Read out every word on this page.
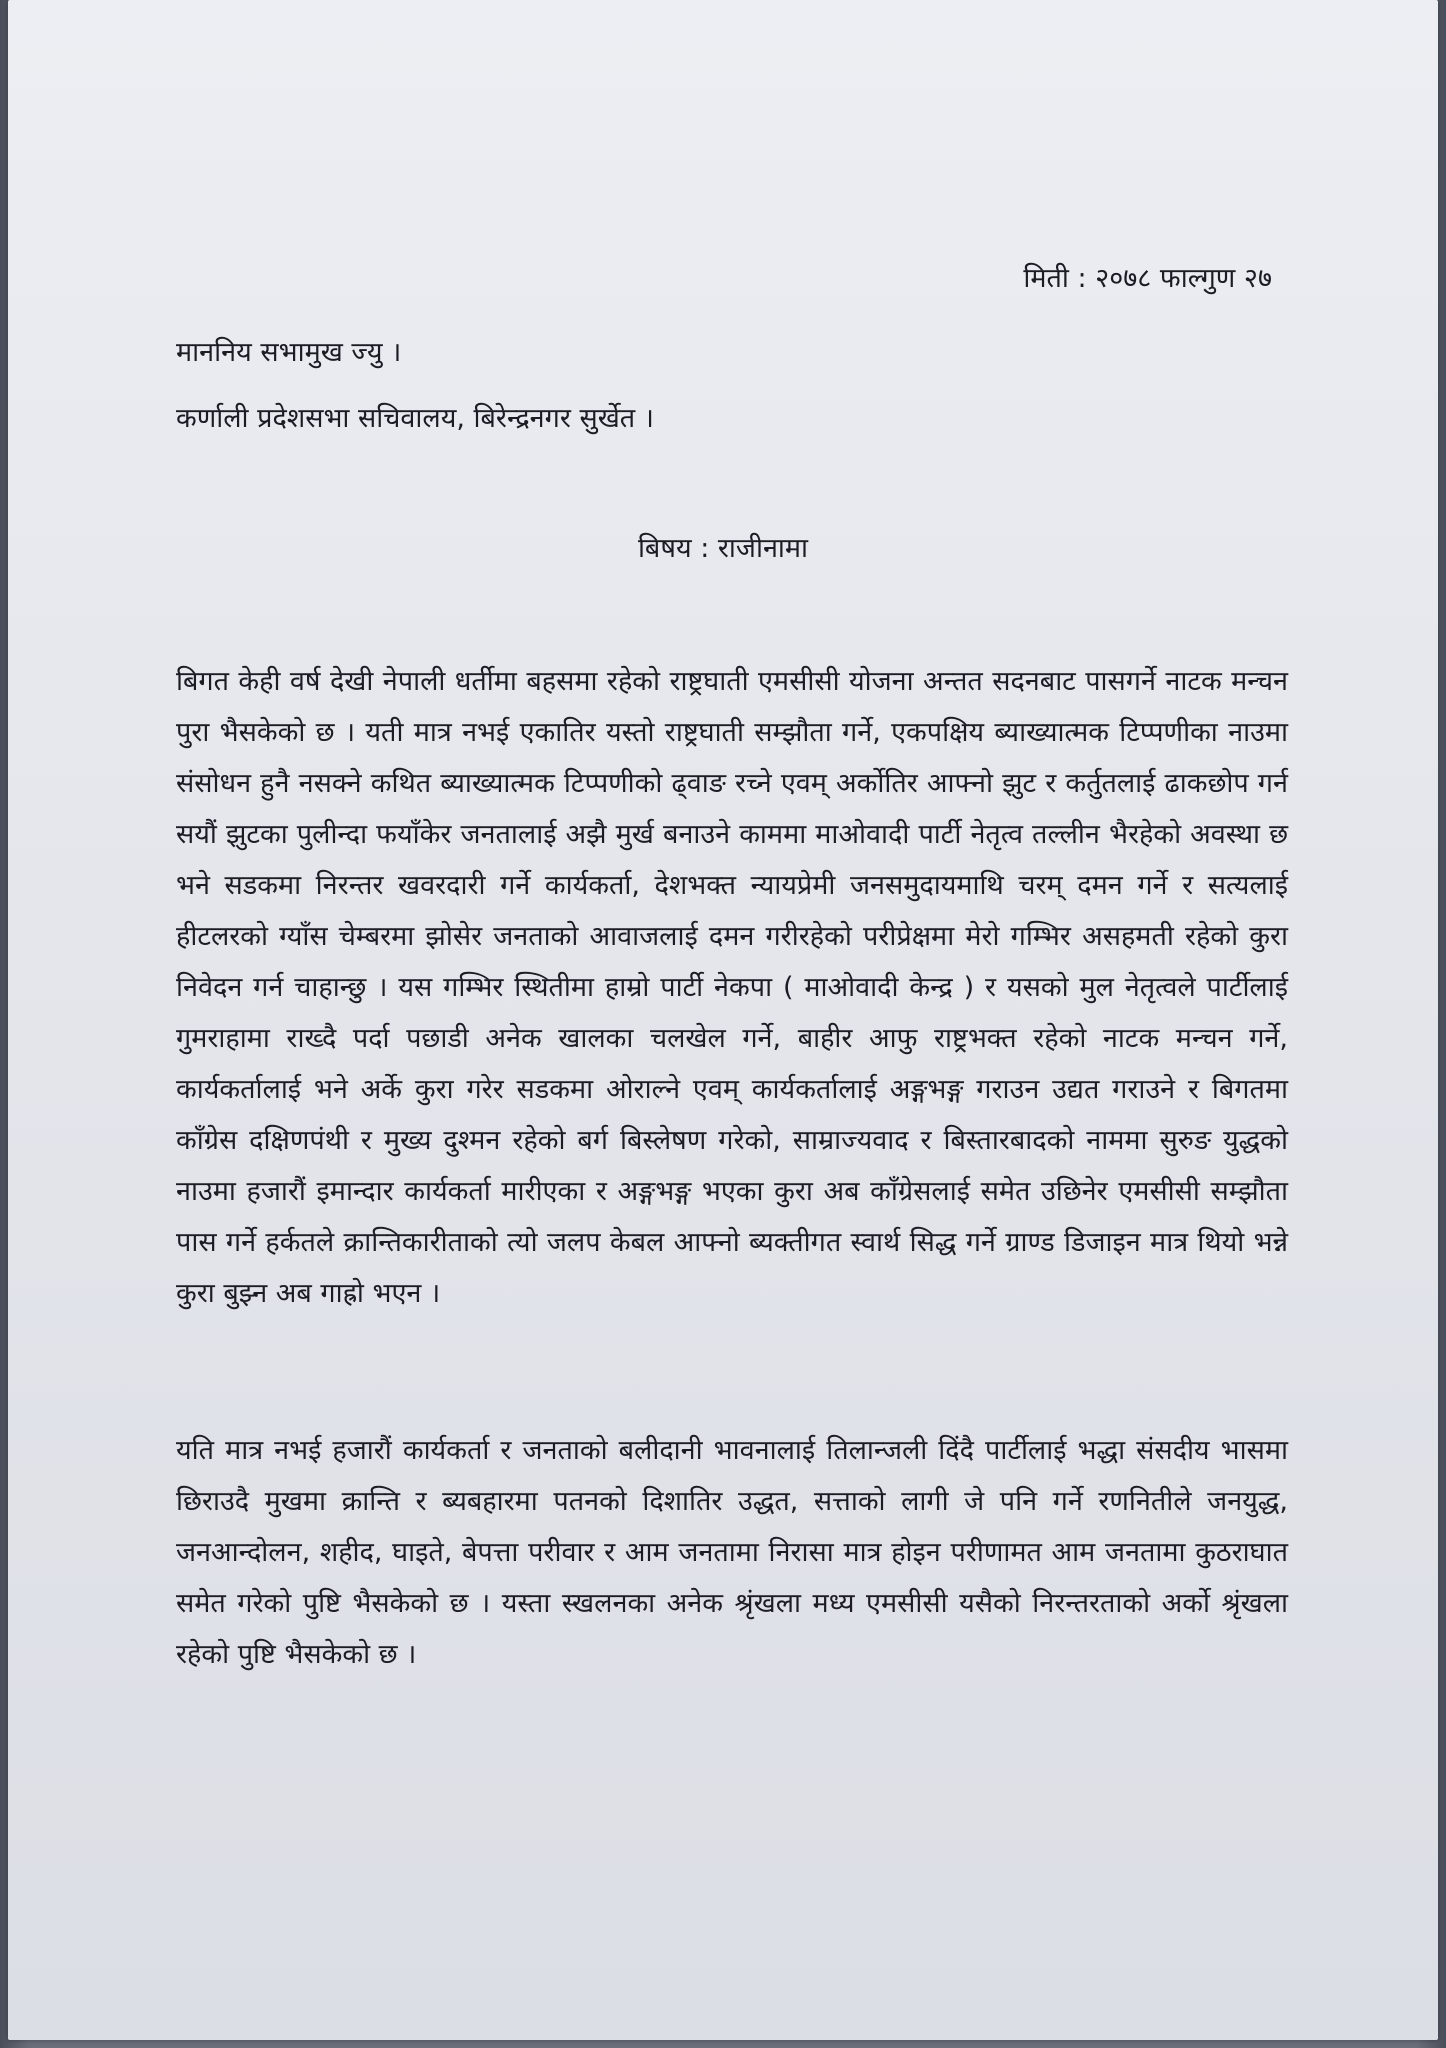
मिती : २०७८ फाल्गुण २७
माननिय सभामुख ज्यु ।
कर्णाली प्रदेशसभा सचिवालय, बिरेन्द्रनगर सुर्खेत ।
बिषय : राजीनामा
बिगत केही वर्ष देखी नेपाली धर्तीमा बहसमा रहेको राष्ट्रघाती एमसीसी योजना अन्तत सदनबाट पासगर्ने नाटक मन्चन पुरा भैसकेको छ । यती मात्र नभई एकातिर यस्तो राष्ट्रघाती सम्झौता गर्ने, एकपक्षिय ब्याख्यात्मक टिप्पणीका नाउमा संसोधन हुनै नसक्ने कथित ब्याख्यात्मक टिप्पणीको ढ्वाङ रच्ने एवम् अर्कोतिर आफ्नो झुट र कर्तुतलाई ढाकछोप गर्न सयौं झुटका पुलीन्दा फयाँकेर जनतालाई अझै मुर्ख बनाउने काममा माओवादी पार्टी नेतृत्व तल्लीन भैरहेको अवस्था छ भने सडकमा निरन्तर खवरदारी गर्ने कार्यकर्ता, देशभक्त न्यायप्रेमी जनसमुदायमाथि चरम् दमन गर्ने र सत्यलाई हीटलरको ग्याँस चेम्बरमा झोसेर जनताको आवाजलाई दमन गरीरहेको परीप्रेक्षमा मेरो गम्भिर असहमती रहेको कुरा निवेदन गर्न चाहान्छु । यस गम्भिर स्थितीमा हाम्रो पार्टी नेकपा ( माओवादी केन्द्र ) र यसको मुल नेतृत्वले पार्टीलाई गुमराहामा राख्दै पर्दा पछाडी अनेक खालका चलखेल गर्ने, बाहीर आफु राष्ट्रभक्त रहेको नाटक मन्चन गर्ने, कार्यकर्तालाई भने अर्के कुरा गरेर सडकमा ओराल्ने एवम् कार्यकर्तालाई अङ्गभङ्ग गराउन उद्यत गराउने र बिगतमा काँग्रेस दक्षिणपंथी र मुख्य दुश्मन रहेको बर्ग बिस्लेषण गरेको, साम्राज्यवाद र बिस्तारबादको नाममा सुरुङ युद्धको नाउमा हजारौं इमान्दार कार्यकर्ता मारीएका र अङ्गभङ्ग भएका कुरा अब काँग्रेसलाई समेत उछिनेर एमसीसी सम्झौता पास गर्ने हर्कतले क्रान्तिकारीताको त्यो जलप केबल आफ्नो ब्यक्तीगत स्वार्थ सिद्ध गर्ने ग्राण्ड डिजाइन मात्र थियो भन्ने कुरा बुझ्न अब गाह्रो भएन ।
यति मात्र नभई हजारौं कार्यकर्ता र जनताको बलीदानी भावनालाई तिलान्जली दिंदै पार्टीलाई भद्धा संसदीय भासमा छिराउदै मुखमा क्रान्ति र ब्यबहारमा पतनको दिशातिर उद्धत, सत्ताको लागी जे पनि गर्ने रणनितीले जनयुद्ध, जनआन्दोलन, शहीद, घाइते, बेपत्ता परीवार र आम जनतामा निरासा मात्र होइन परीणामत आम जनतामा कुठराघात समेत गरेको पुष्टि भैसकेको छ । यस्ता स्खलनका अनेक श्रृंखला मध्य एमसीसी यसैको निरन्तरताको अर्को श्रृंखला रहेको पुष्टि भैसकेको छ ।
